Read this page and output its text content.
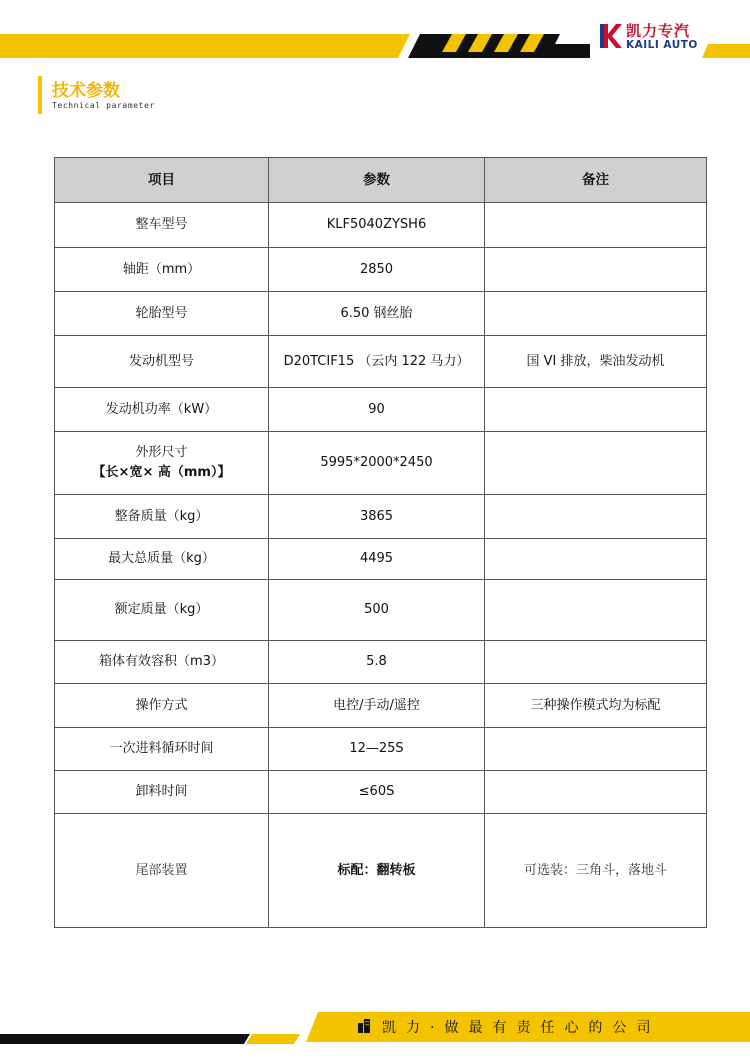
凯力专汽
KAILI AUTO
技术参数
Technical parameter
项目	参数	备注
整车型号	KLF5040ZYSH6	
轴距（mm）	2850	
轮胎型号	6.50 钢丝胎	
发动机型号	D20TCIF15 （云内 122 马力）	国 VI 排放，柴油发动机
发动机功率（kW）	90	

外形尺寸
【长×宽× 高（mm）】	5995*2000*2450	
整备质量（kg）	3865	
最大总质量（kg）	4495	
额定质量（kg）	500	
箱体有效容积（m3）	5.8	
操作方式	电控/手动/遥控	三种操作模式均为标配
一次进料循环时间	12—25S	
卸料时间	≤60S	
尾部装置	标配：翻转板	可选装：三角斗，落地斗
凯力·做最有责任心的公司
